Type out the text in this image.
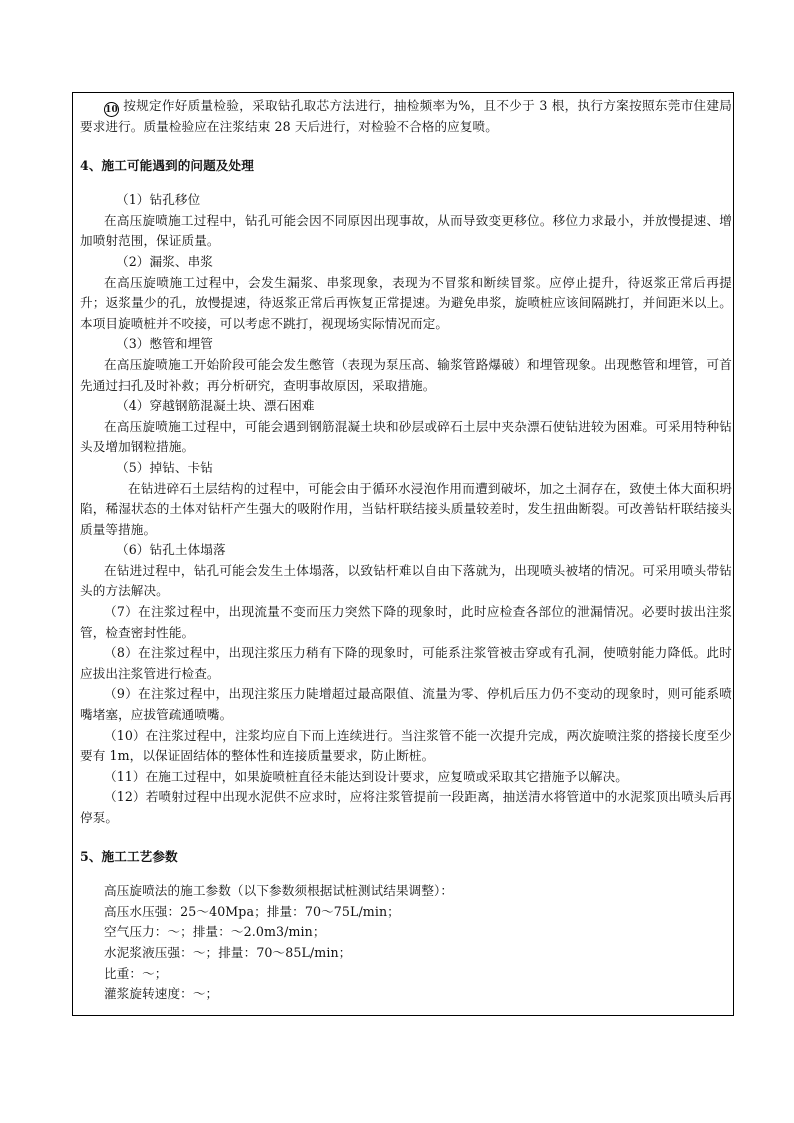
10 按规定作好质量检验，采取钻孔取芯方法进行，抽检频率为%，且不少于 3 根，执行方案按照东莞市住建局要求进行。质量检验应在注浆结束 28 天后进行，对检验不合格的应复喷。

4、施工可能遇到的问题及处理

（1）钻孔移位

在高压旋喷施工过程中，钻孔可能会因不同原因出现事故，从而导致变更移位。移位力求最小，并放慢提速、增加喷射范围，保证质量。

（2）漏浆、串浆

在高压旋喷施工过程中，会发生漏浆、串浆现象，表现为不冒浆和断续冒浆。应停止提升，待返浆正常后再提升；返浆量少的孔，放慢提速，待返浆正常后再恢复正常提速。为避免串浆，旋喷桩应该间隔跳打，并间距米以上。本项目旋喷桩并不咬接，可以考虑不跳打，视现场实际情况而定。

（3）憋管和埋管

在高压旋喷施工开始阶段可能会发生憋管（表现为泵压高、输浆管路爆破）和埋管现象。出现憋管和埋管，可首先通过扫孔及时补救；再分析研究，查明事故原因，采取措施。

（4）穿越钢筋混凝土块、漂石困难

在高压旋喷施工过程中，可能会遇到钢筋混凝土块和砂层或碎石土层中夹杂漂石使钻进较为困难。可采用特种钻头及增加钢粒措施。

（5）掉钻、卡钻

在钻进碎石土层结构的过程中，可能会由于循环水浸泡作用而遭到破坏，加之土洞存在，致使土体大面积坍陷，稀湿状态的土体对钻杆产生强大的吸附作用，当钻杆联结接头质量较差时，发生扭曲断裂。可改善钻杆联结接头质量等措施。

（6）钻孔土体塌落

在钻进过程中，钻孔可能会发生土体塌落，以致钻杆难以自由下落就为，出现喷头被堵的情况。可采用喷头带钻头的方法解决。

（7）在注浆过程中，出现流量不变而压力突然下降的现象时，此时应检查各部位的泄漏情况。必要时拔出注浆管，检查密封性能。

（8）在注浆过程中，出现注浆压力稍有下降的现象时，可能系注浆管被击穿或有孔洞，使喷射能力降低。此时应拔出注浆管进行检查。

（9）在注浆过程中，出现注浆压力陡增超过最高限值、流量为零、停机后压力仍不变动的现象时，则可能系喷嘴堵塞，应拔管疏通喷嘴。

（10）在注浆过程中，注浆均应自下而上连续进行。当注浆管不能一次提升完成，两次旋喷注浆的搭接长度至少要有 1m，以保证固结体的整体性和连接质量要求，防止断桩。

（11）在施工过程中，如果旋喷桩直径未能达到设计要求，应复喷或采取其它措施予以解决。

（12）若喷射过程中出现水泥供不应求时，应将注浆管提前一段距离，抽送清水将管道中的水泥浆顶出喷头后再停泵。

5、施工工艺参数

高压旋喷法的施工参数（以下参数须根据试桩测试结果调整）：

高压水压强：25～40Mpa；排量：70～75L/min；

空气压力：～；排量：～2.0m3/min；

水泥浆液压强：～；排量：70～85L/min；

比重：～；

灌浆旋转速度：～；
